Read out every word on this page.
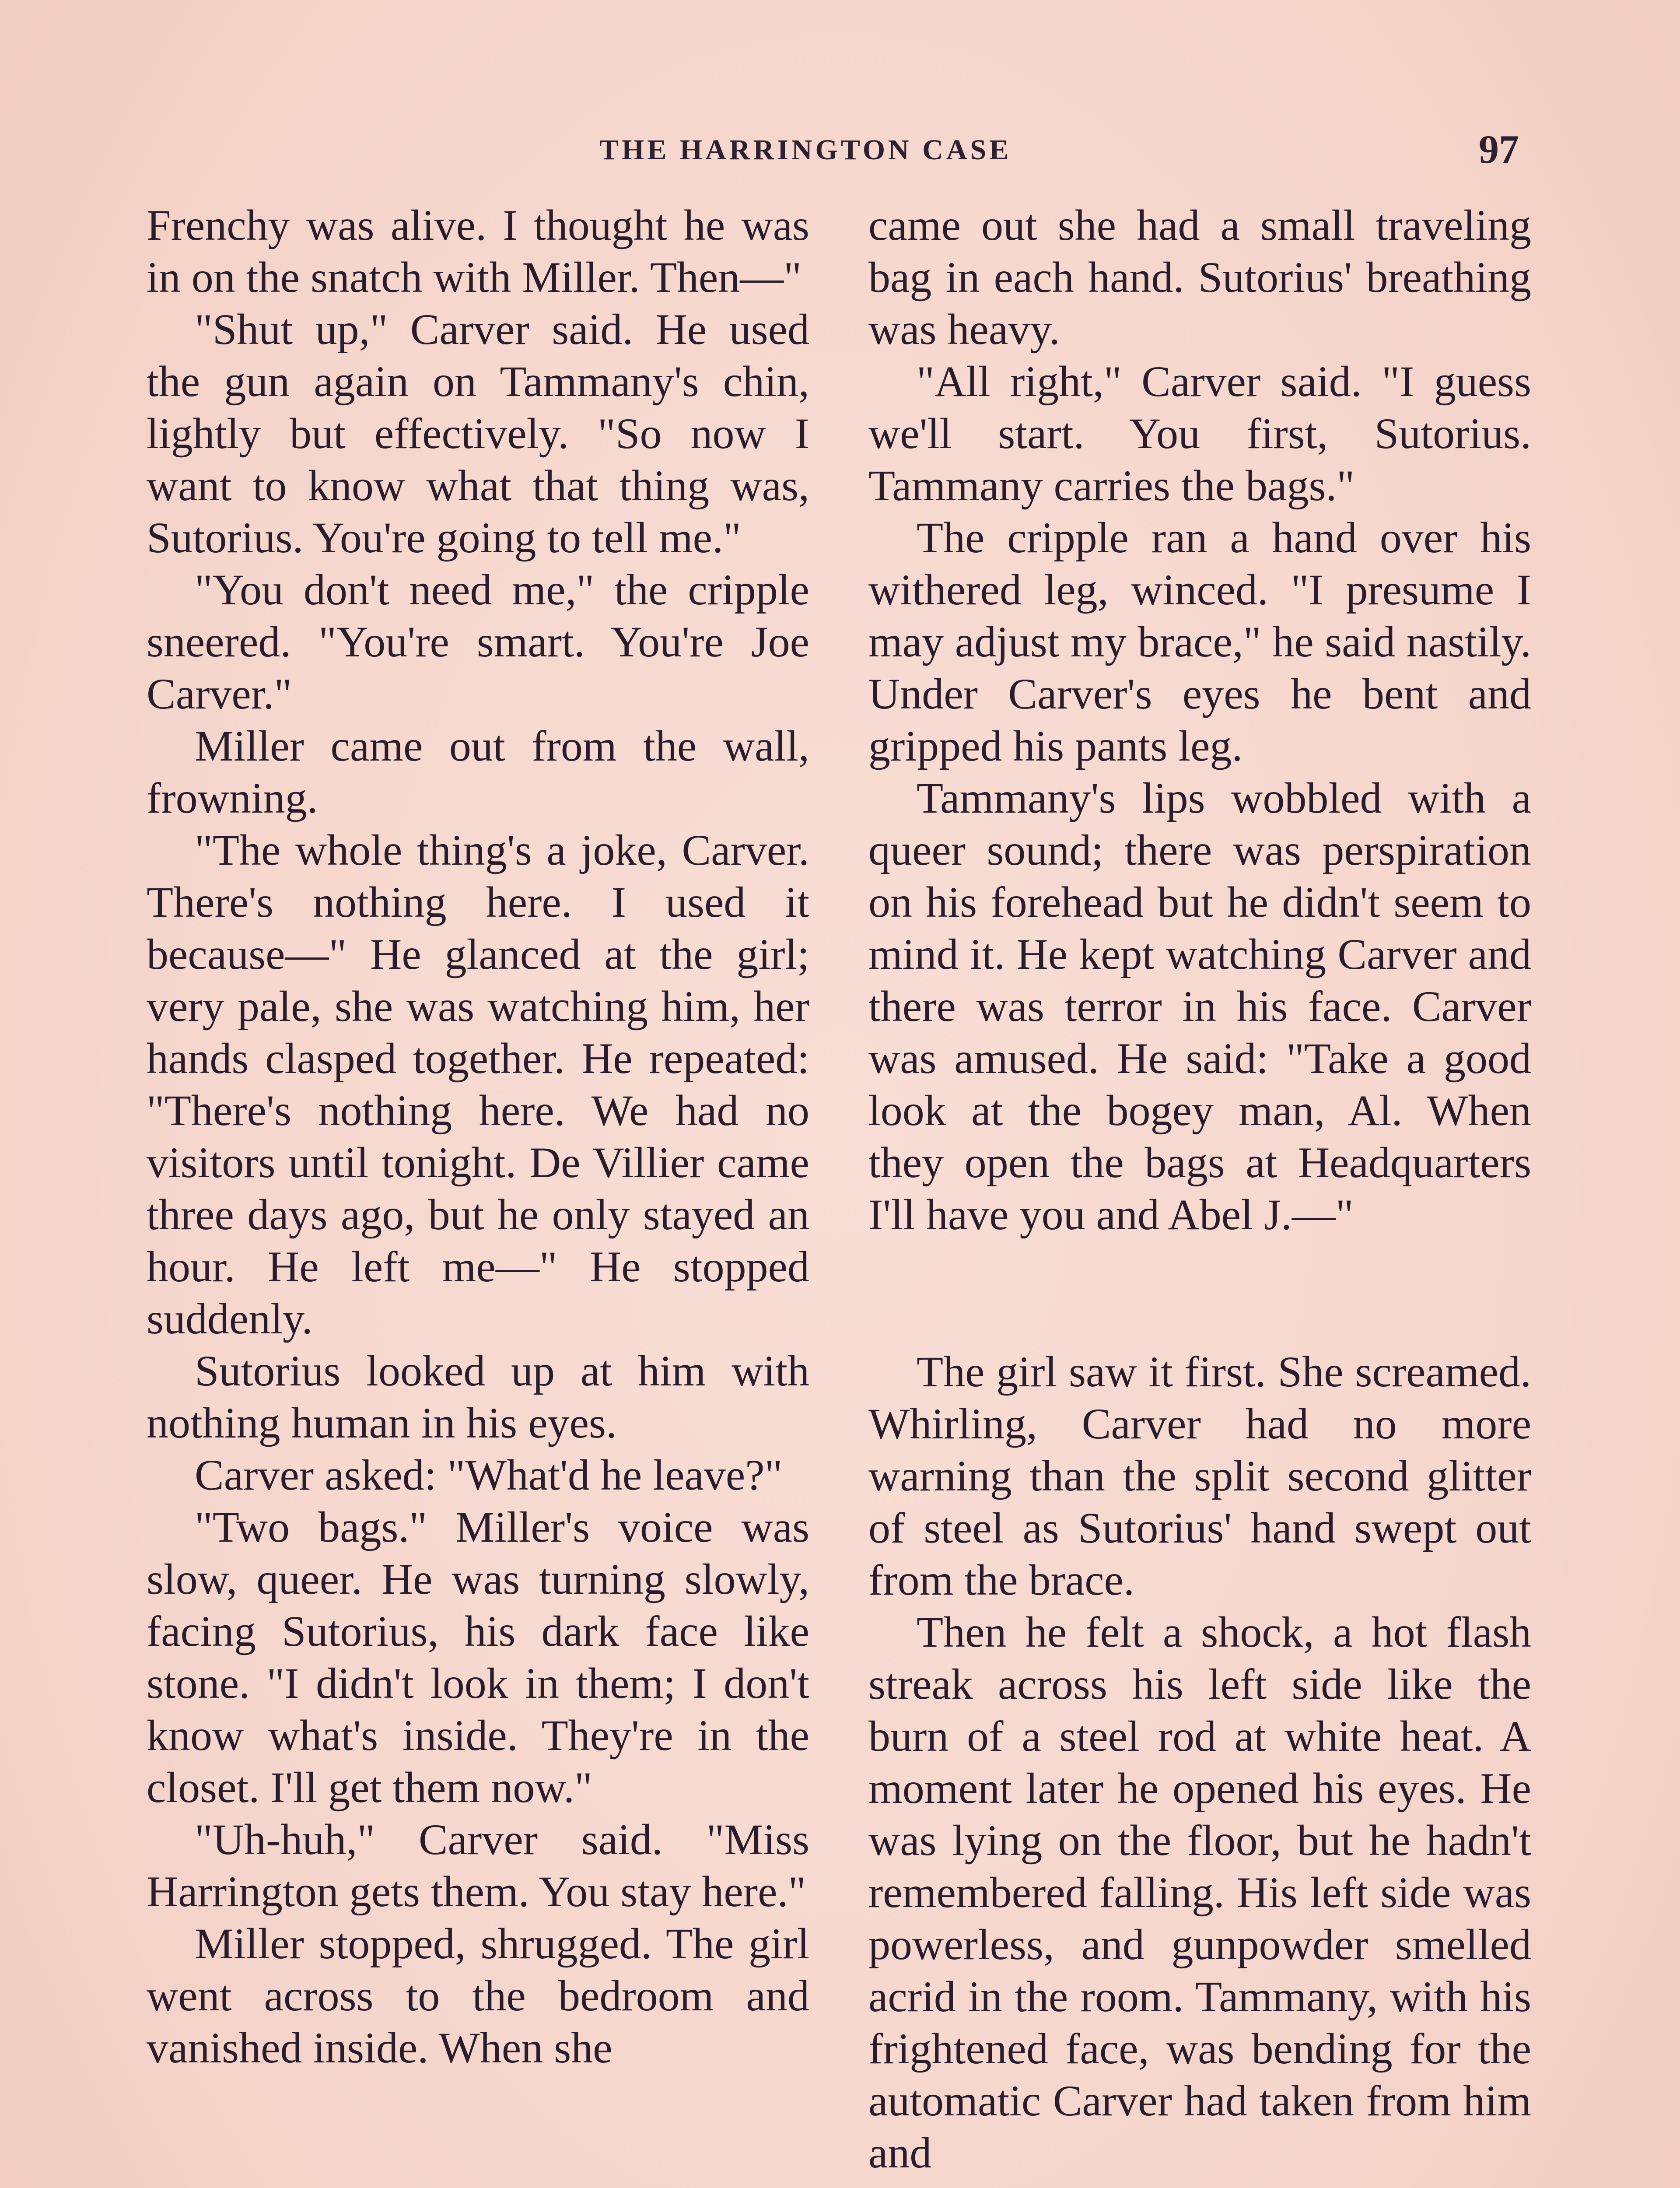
THE HARRINGTON CASE	97

Frenchy was alive. I thought he was in on the snatch with Miller. Then—"

"Shut up," Carver said. He used the gun again on Tammany's chin, lightly but effectively. "So now I want to know what that thing was, Sutorius. You're going to tell me."

"You don't need me," the cripple sneered. "You're smart. You're Joe Carver."

Miller came out from the wall, frowning.

"The whole thing's a joke, Carver. There's nothing here. I used it because—" He glanced at the girl; very pale, she was watching him, her hands clasped together. He repeated: "There's nothing here. We had no visitors until tonight. De Villier came three days ago, but he only stayed an hour. He left me—" He stopped suddenly.

Sutorius looked up at him with nothing human in his eyes.

Carver asked: "What'd he leave?"

"Two bags." Miller's voice was slow, queer. He was turning slowly, facing Sutorius, his dark face like stone. "I didn't look in them; I don't know what's inside. They're in the closet. I'll get them now."

"Uh-huh," Carver said. "Miss Harrington gets them. You stay here."

Miller stopped, shrugged. The girl went across to the bedroom and vanished inside. When she

came out she had a small traveling bag in each hand. Sutorius' breathing was heavy.

"All right," Carver said. "I guess we'll start. You first, Sutorius. Tammany carries the bags."

The cripple ran a hand over his withered leg, winced. "I presume I may adjust my brace," he said nastily. Under Carver's eyes he bent and gripped his pants leg.

Tammany's lips wobbled with a queer sound; there was perspiration on his forehead but he didn't seem to mind it. He kept watching Carver and there was terror in his face. Carver was amused. He said: "Take a good look at the bogey man, Al. When they open the bags at Headquarters I'll have you and Abel J.—"

The girl saw it first. She screamed. Whirling, Carver had no more warning than the split second glitter of steel as Sutorius' hand swept out from the brace.

Then he felt a shock, a hot flash streak across his left side like the burn of a steel rod at white heat. A moment later he opened his eyes. He was lying on the floor, but he hadn't remembered falling. His left side was powerless, and gunpowder smelled acrid in the room. Tammany, with his frightened face, was bending for the automatic Carver had taken from him and
